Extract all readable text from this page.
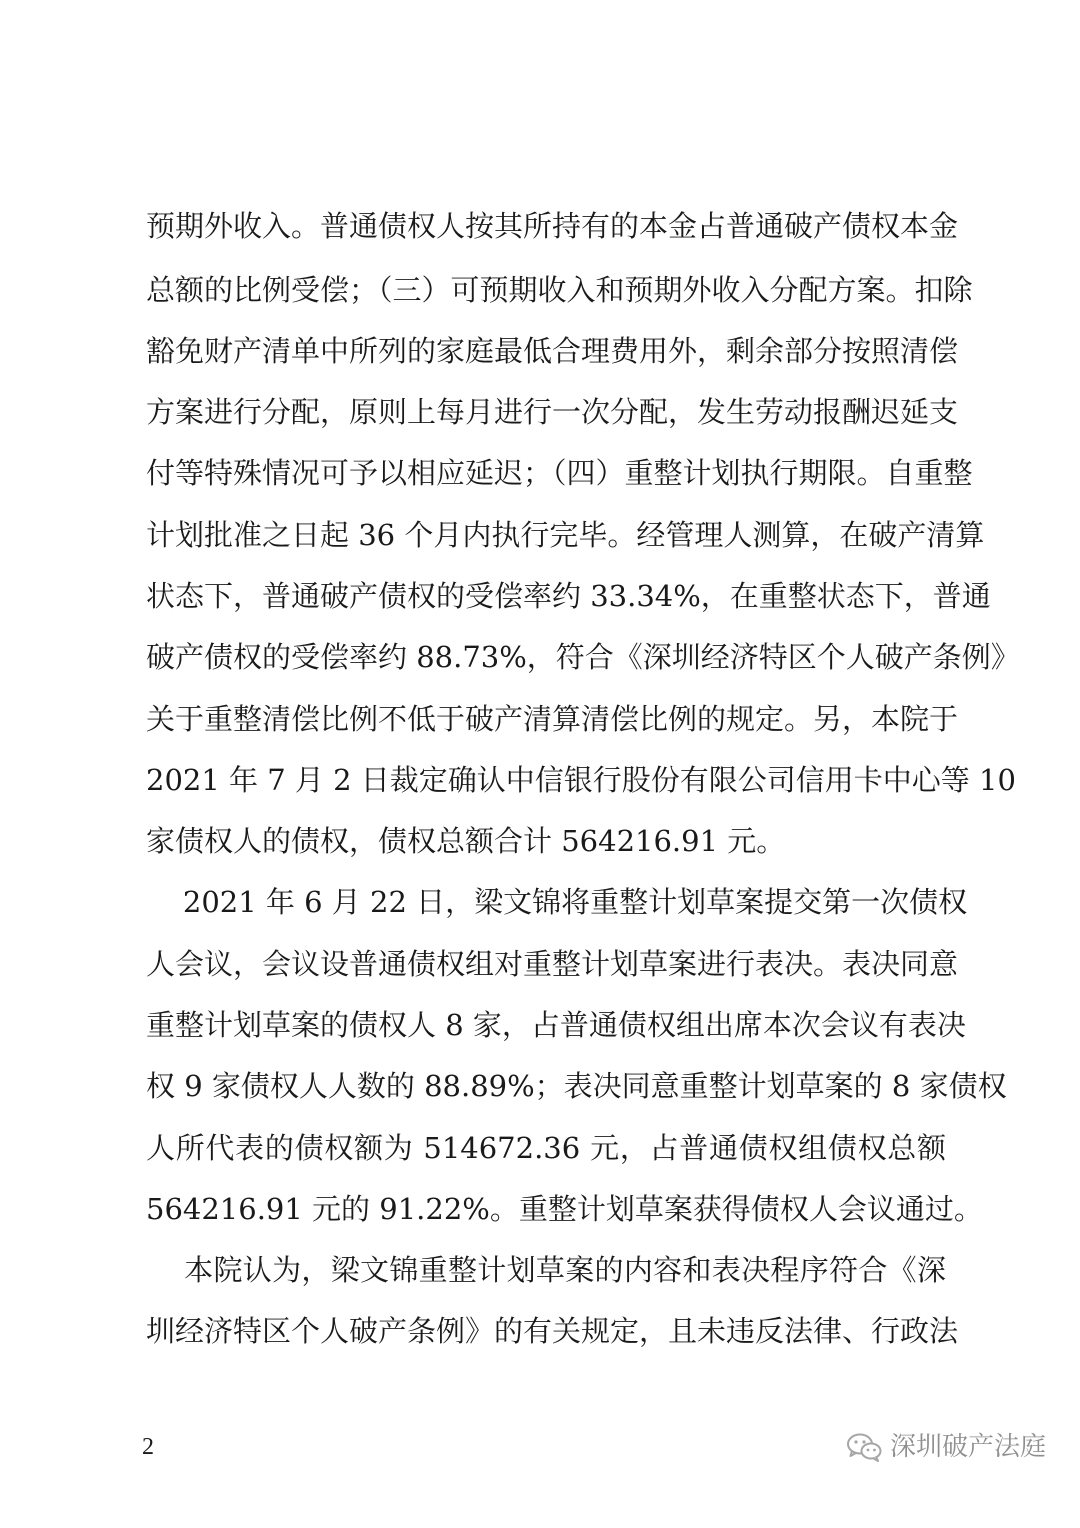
预期外收入。普通债权人按其所持有的本金占普通破产债权本金
总额的比例受偿；（三）可预期收入和预期外收入分配方案。扣除
豁免财产清单中所列的家庭最低合理费用外，剩余部分按照清偿
方案进行分配，原则上每月进行一次分配，发生劳动报酬迟延支
付等特殊情况可予以相应延迟；（四）重整计划执行期限。自重整
计划批准之日起 36 个月内执行完毕。经管理人测算，在破产清算
状态下，普通破产债权的受偿率约 33.34%，在重整状态下，普通
破产债权的受偿率约 88.73%，符合《深圳经济特区个人破产条例》
关于重整清偿比例不低于破产清算清偿比例的规定。另，本院于
2021 年 7 月 2 日裁定确认中信银行股份有限公司信用卡中心等 10
家债权人的债权，债权总额合计 564216.91 元。
2021 年 6 月 22 日，梁文锦将重整计划草案提交第一次债权
人会议，会议设普通债权组对重整计划草案进行表决。表决同意
重整计划草案的债权人 8 家，占普通债权组出席本次会议有表决
权 9 家债权人人数的 88.89%；表决同意重整计划草案的 8 家债权
人所代表的债权额为 514672.36 元，占普通债权组债权总额
564216.91 元的 91.22%。重整计划草案获得债权人会议通过。
本院认为，梁文锦重整计划草案的内容和表决程序符合《深
圳经济特区个人破产条例》的有关规定，且未违反法律、行政法
2	深圳破产法庭
